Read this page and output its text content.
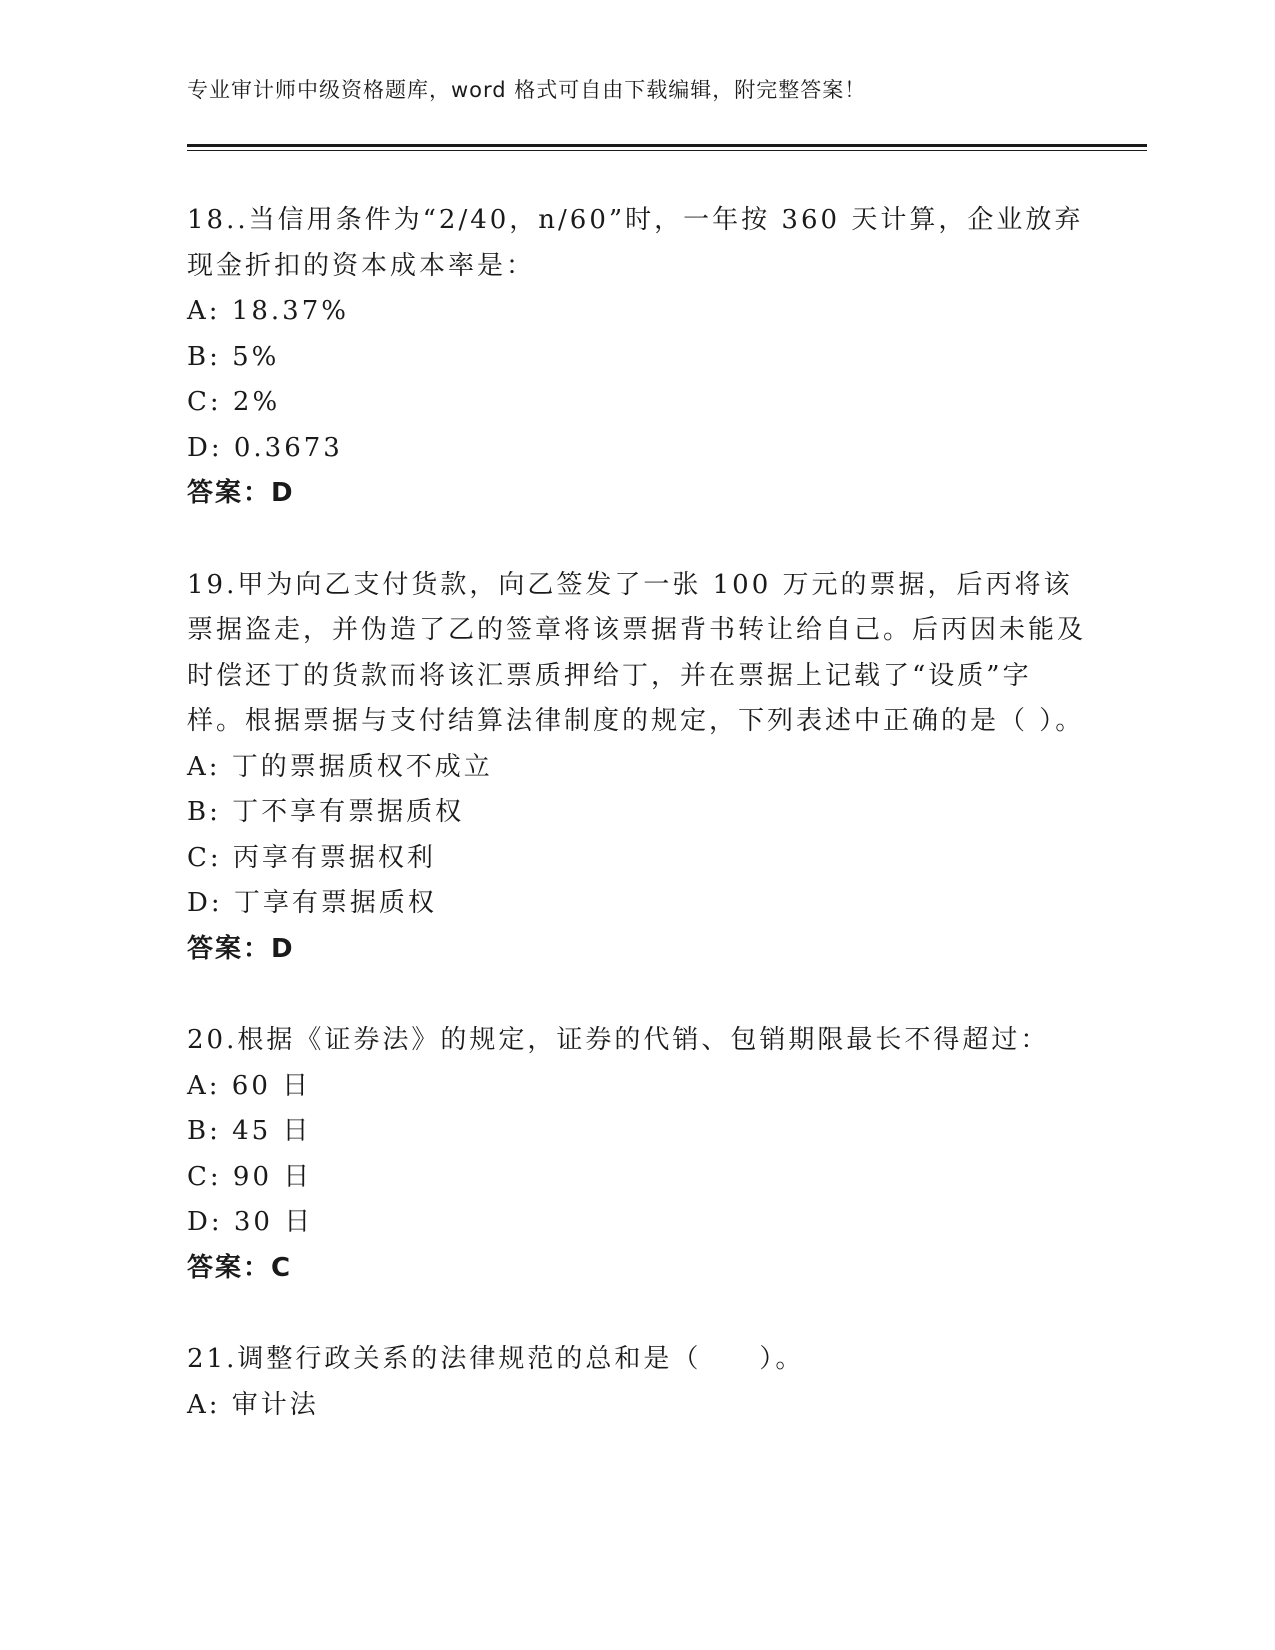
专业审计师中级资格题库，word 格式可自由下载编辑，附完整答案！

18..当信用条件为“2/40，n/60”时，一年按 360 天计算，企业放弃现金折扣的资本成本率是：

A: 18.37%

B: 5%

C: 2%

D: 0.3673

答案：D

19.甲为向乙支付货款，向乙签发了一张 100 万元的票据，后丙将该票据盗走，并伪造了乙的签章将该票据背书转让给自己。后丙因未能及时偿还丁的货款而将该汇票质押给丁，并在票据上记载了“设质”字样。根据票据与支付结算法律制度的规定，下列表述中正确的是（ ）。

A: 丁的票据质权不成立

B: 丁不享有票据质权

C: 丙享有票据权利

D: 丁享有票据质权

答案：D

20.根据《证券法》的规定，证券的代销、包销期限最长不得超过：

A: 60 日

B: 45 日

C: 90 日

D: 30 日

答案：C

21.调整行政关系的法律规范的总和是（　　）。

A: 审计法
